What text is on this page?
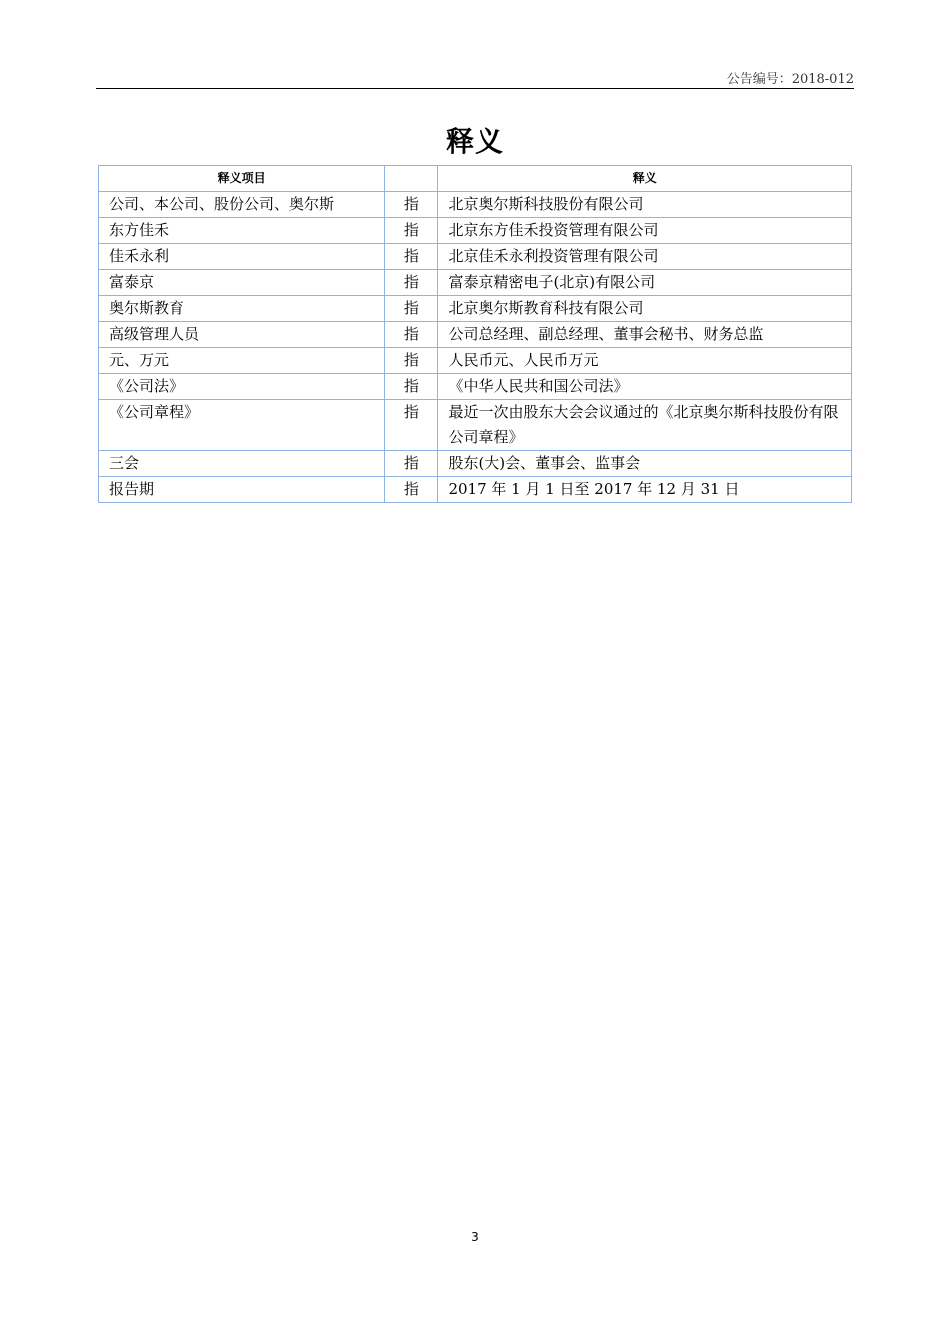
公告编号：2018-012
释义
释义项目		释义
公司、本公司、股份公司、奥尔斯	指	北京奥尔斯科技股份有限公司
东方佳禾	指	北京东方佳禾投资管理有限公司
佳禾永利	指	北京佳禾永利投资管理有限公司
富泰京	指	富泰京精密电子(北京)有限公司
奥尔斯教育	指	北京奥尔斯教育科技有限公司
高级管理人员	指	公司总经理、副总经理、董事会秘书、财务总监
元、万元	指	人民币元、人民币万元
《公司法》	指	《中华人民共和国公司法》
《公司章程》	指	最近一次由股东大会会议通过的《北京奥尔斯科技股份有限公司章程》
三会	指	股东(大)会、董事会、监事会
报告期	指	2017 年 1 月 1 日至 2017 年 12 月 31 日
3
